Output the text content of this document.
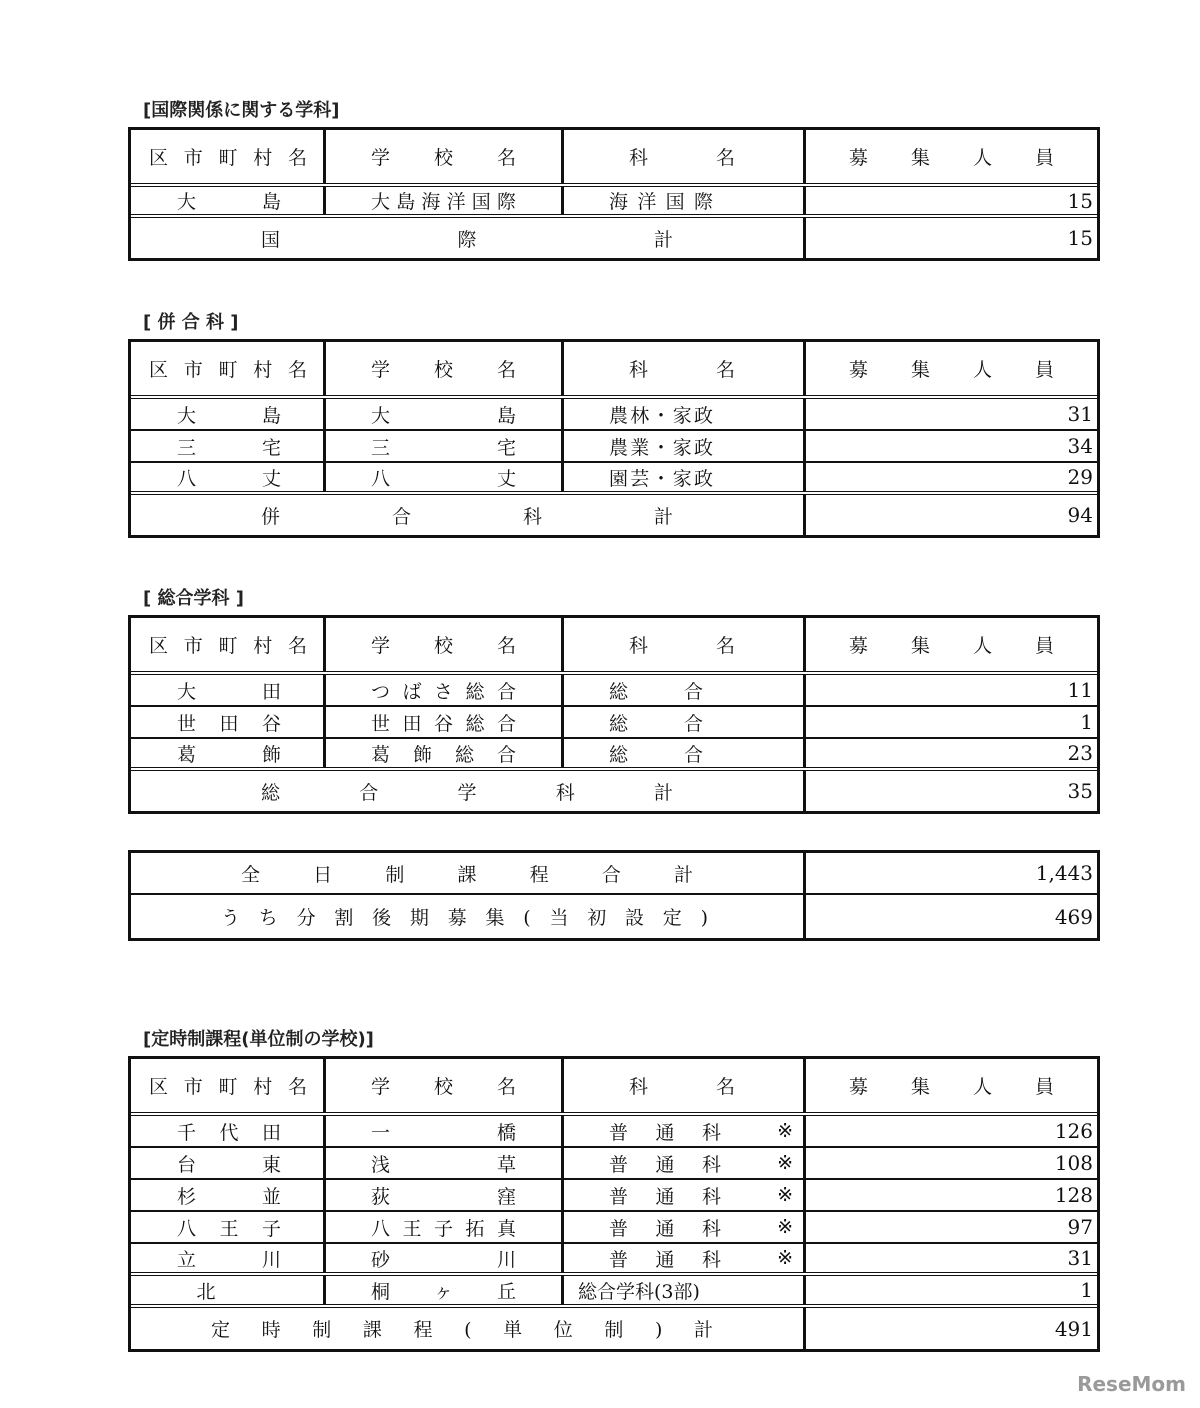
ReseMom
[国際関係に関する学科]
区市町村名	学校名	科名	募集人員
大島	大島海洋国際	海洋国際	15
国際計	15
[ 併 合 科 ]
区市町村名	学校名	科名	募集人員
大島	大島	農林・家政	31
三宅	三宅	農業・家政	34
八丈	八丈	園芸・家政	29
併合科計	94
[ 総合学科 ]
区市町村名	学校名	科名	募集人員
大田	つばさ総合	総合	11
世田谷	世田谷総合	総合	1
葛飾	葛飾総合	総合	23
総合学科計	35
全日制課程合計	1,443
うち分割後期募集(当初設定)	469
[定時制課程(単位制の学校)]
区市町村名	学校名	科名	募集人員
千代田	一橋	普通科	※	126
台東	浅草	普通科	※	108
杉並	荻窪	普通科	※	128
八王子	八王子拓真	普通科	※	97
立川	砂川	普通科	※	31
北	桐ヶ丘	総合学科(3部)	1
定時制課程(単位制)計	491
